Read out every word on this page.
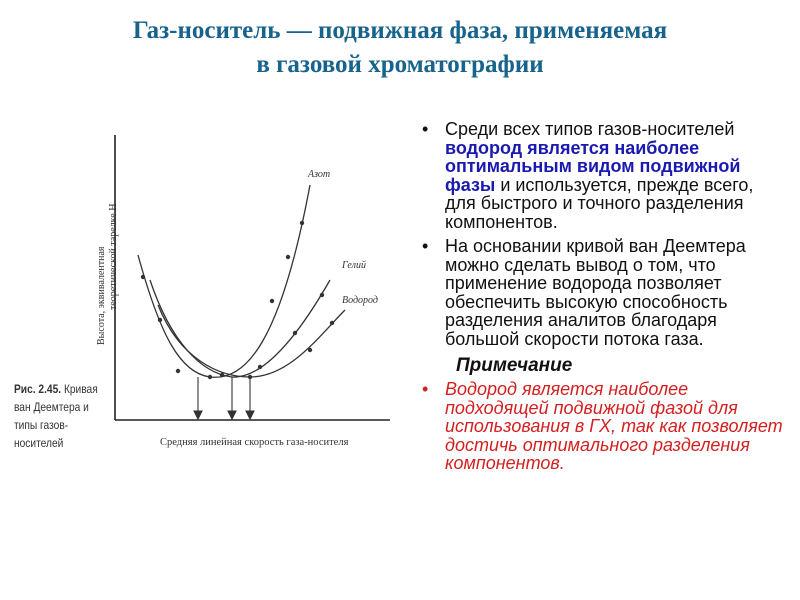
Газ-носитель — подвижная фаза, применяемая
в газовой хроматографии
Высота, эквивалентная теоретической тарелке Н
Средняя линейная скорость газа-носителя
Азот
Гелий
Водород
Рис. 2.45. Кривая ван Деемтера и типы газов-носителей
• Среди всех типов газов-носителей водород является наиболее оптимальным видом подвижной фазы и используется, прежде всего, для быстрого и точного разделения компонентов.
• На основании кривой ван Деемтера можно сделать вывод о том, что применение водорода позволяет обеспечить высокую способность разделения аналитов благодаря большой скорости потока газа.
Примечание
• Водород является наиболее подходящей подвижной фазой для использования в ГХ, так как позволяет достичь оптимального разделения компонентов.
